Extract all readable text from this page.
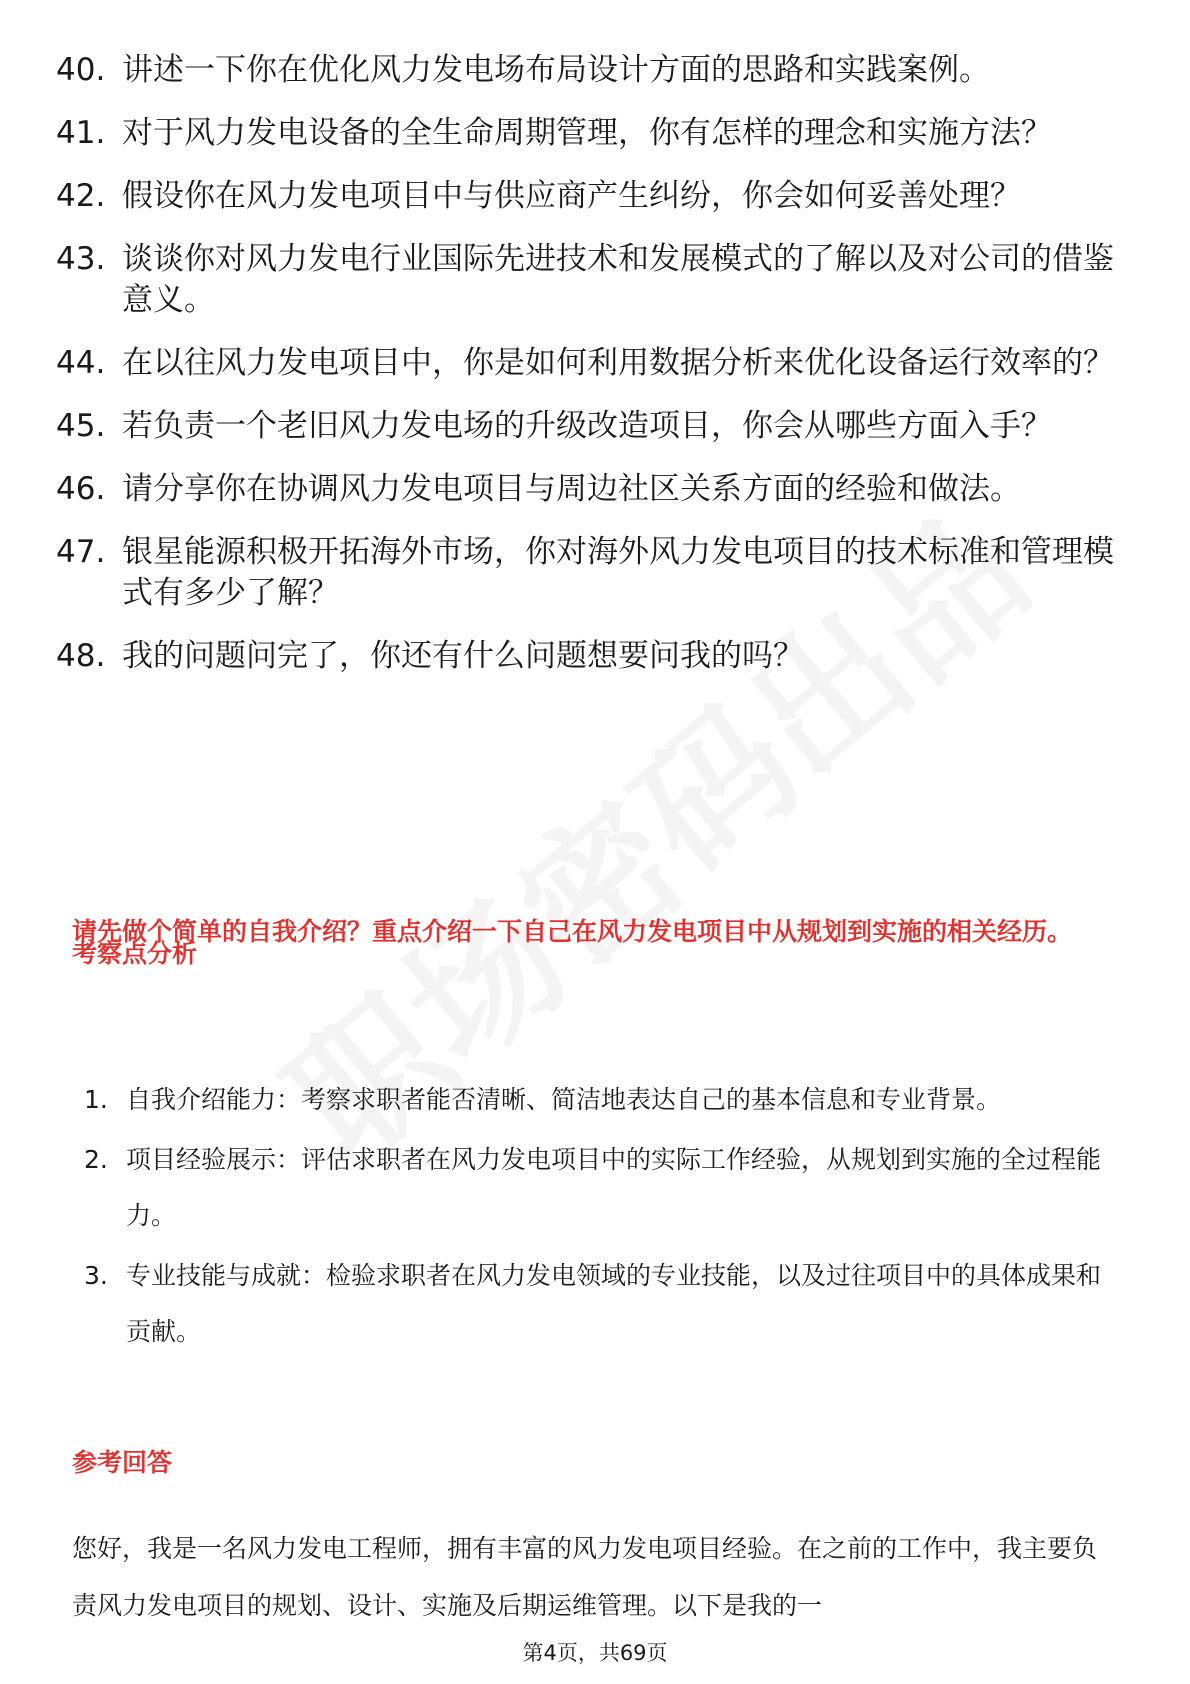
40. 讲述一下你在优化风力发电场布局设计方面的思路和实践案例。
41. 对于风力发电设备的全生命周期管理，你有怎样的理念和实施方法？
42. 假设你在风力发电项目中与供应商产生纠纷，你会如何妥善处理？
43. 谈谈你对风力发电行业国际先进技术和发展模式的了解以及对公司的借鉴意义。
44. 在以往风力发电项目中，你是如何利用数据分析来优化设备运行效率的？
45. 若负责一个老旧风力发电场的升级改造项目，你会从哪些方面入手？
46. 请分享你在协调风力发电项目与周边社区关系方面的经验和做法。
47. 银星能源积极开拓海外市场，你对海外风力发电项目的技术标准和管理模式有多少了解？
48. 我的问题问完了，你还有什么问题想要问我的吗？

请先做个简单的自我介绍？重点介绍一下自己在风力发电项目中从规划到实施的相关经历。

考察点分析
1. 自我介绍能力：考察求职者能否清晰、简洁地表达自己的基本信息和专业背景。
2. 项目经验展示：评估求职者在风力发电项目中的实际工作经验，从规划到实施的全过程能力。
3. 专业技能与成就：检验求职者在风力发电领域的专业技能，以及过往项目中的具体成果和贡献。
参考回答

您好，我是一名风力发电工程师，拥有丰富的风力发电项目经验。在之前的工作中，我主要负责风力发电项目的规划、设计、实施及后期运维管理。以下是我的一

第4页，共69页
